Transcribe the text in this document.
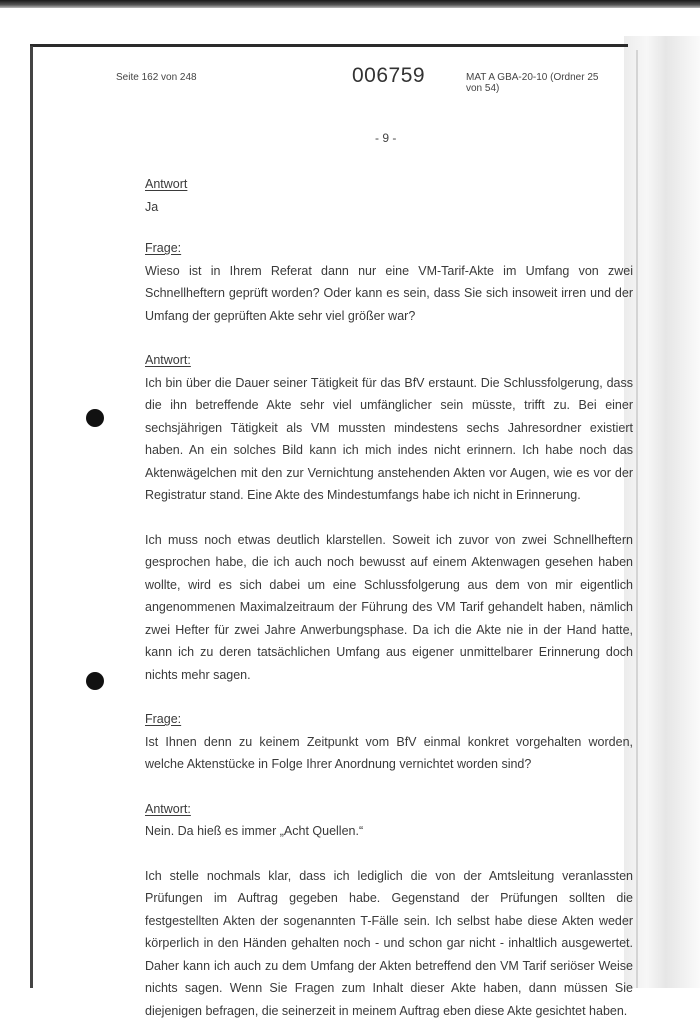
Seite 162 von 248	006759	MAT A GBA-20-10 (Ordner 25 von 54)
- 9 -
Antwort

Ja

Frage:

Wieso ist in Ihrem Referat dann nur eine VM-Tarif-Akte im Umfang von zwei Schnellheftern geprüft worden? Oder kann es sein, dass Sie sich insoweit irren und der Umfang der geprüften Akte sehr viel größer war?

Antwort:

Ich bin über die Dauer seiner Tätigkeit für das BfV erstaunt. Die Schlussfolgerung, dass die ihn betreffende Akte sehr viel umfänglicher sein müsste, trifft zu. Bei einer sechsjährigen Tätigkeit als VM mussten mindestens sechs Jahresordner existiert haben. An ein solches Bild kann ich mich indes nicht erinnern. Ich habe noch das Aktenwägelchen mit den zur Vernichtung anstehenden Akten vor Augen, wie es vor der Registratur stand. Eine Akte des Mindestumfangs habe ich nicht in Erinnerung.

Ich muss noch etwas deutlich klarstellen. Soweit ich zuvor von zwei Schnellheftern gesprochen habe, die ich auch noch bewusst auf einem Aktenwagen gesehen haben wollte, wird es sich dabei um eine Schlussfolgerung aus dem von mir eigentlich angenommenen Maximalzeitraum der Führung des VM Tarif gehandelt haben, nämlich zwei Hefter für zwei Jahre Anwerbungsphase. Da ich die Akte nie in der Hand hatte, kann ich zu deren tatsächlichen Umfang aus eigener unmittelbarer Erinnerung doch nichts mehr sagen.

Frage:

Ist Ihnen denn zu keinem Zeitpunkt vom BfV einmal konkret vorgehalten worden, welche Aktenstücke in Folge Ihrer Anordnung vernichtet worden sind?

Antwort:

Nein. Da hieß es immer „Acht Quellen.“

Ich stelle nochmals klar, dass ich lediglich die von der Amtsleitung veranlassten Prüfungen im Auftrag gegeben habe. Gegenstand der Prüfungen sollten die festgestellten Akten der sogenannten T-Fälle sein. Ich selbst habe diese Akten weder körperlich in den Händen gehalten noch - und schon gar nicht - inhaltlich ausgewertet. Daher kann ich auch zu dem Umfang der Akten betreffend den VM Tarif seriöser Weise nichts sagen. Wenn Sie Fragen zum Inhalt dieser Akte haben, dann müssen Sie diejenigen befragen, die seinerzeit in meinem Auftrag eben diese Akte gesichtet haben.
